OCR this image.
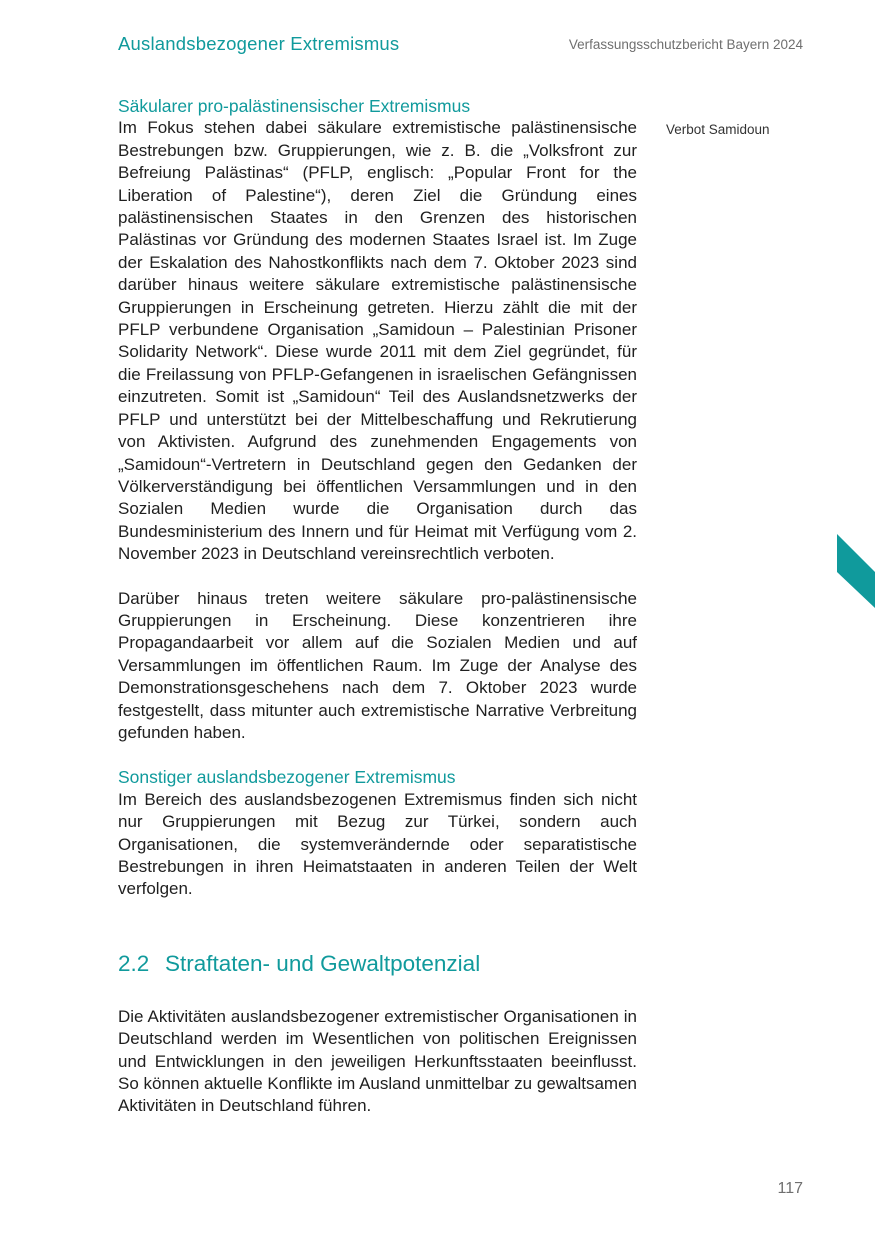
Auslandsbezogener Extremismus	Verfassungsschutzbericht Bayern 2024
Säkularer pro-palästinensischer Extremismus

Im Fokus stehen dabei säkulare extremistische palästinensische Bestrebungen bzw. Gruppierungen, wie z. B. die „Volksfront zur Befreiung Palästinas“ (PFLP, englisch: „Popular Front for the Liberation of Palestine“), deren Ziel die Gründung eines palästinensischen Staates in den Grenzen des historischen Palästinas vor Gründung des modernen Staates Israel ist. Im Zuge der Eskalation des Nahostkonflikts nach dem 7. Oktober 2023 sind darüber hinaus weitere säkulare extremistische palästinensische Gruppierungen in Erscheinung getreten. Hierzu zählt die mit der PFLP verbundene Organisation „Samidoun – Palestinian Prisoner Solidarity Network“. Diese wurde 2011 mit dem Ziel gegründet, für die Freilassung von PFLP-Gefangenen in israelischen Gefängnissen einzutreten. Somit ist „Samidoun“ Teil des Auslandsnetzwerks der PFLP und unterstützt bei der Mittelbeschaffung und Rekrutierung von Aktivisten. Aufgrund des zunehmenden Engagements von „Samidoun“-Vertretern in Deutschland gegen den Gedanken der Völkerverständigung bei öffentlichen Versammlungen und in den Sozialen Medien wurde die Organisation durch das Bundesministerium des Innern und für Heimat mit Verfügung vom 2. November 2023 in Deutschland vereinsrechtlich verboten.

Darüber hinaus treten weitere säkulare pro-palästinensische Gruppierungen in Erscheinung. Diese konzentrieren ihre Propagandaarbeit vor allem auf die Sozialen Medien und auf Versammlungen im öffentlichen Raum. Im Zuge der Analyse des Demonstrationsgeschehens nach dem 7. Oktober 2023 wurde festgestellt, dass mitunter auch extremistische Narrative Verbreitung gefunden haben.

Sonstiger auslandsbezogener Extremismus

Im Bereich des auslandsbezogenen Extremismus finden sich nicht nur Gruppierungen mit Bezug zur Türkei, sondern auch Organisationen, die systemverändernde oder separatistische Bestrebungen in ihren Heimatstaaten in anderen Teilen der Welt verfolgen.

2.2 Straftaten- und Gewaltpotenzial

Die Aktivitäten auslandsbezogener extremistischer Organisationen in Deutschland werden im Wesentlichen von politischen Ereignissen und Entwicklungen in den jeweiligen Herkunftsstaaten beeinflusst. So können aktuelle Konflikte im Ausland unmittelbar zu gewaltsamen Aktivitäten in Deutschland führen.

Verbot Samidoun
117
